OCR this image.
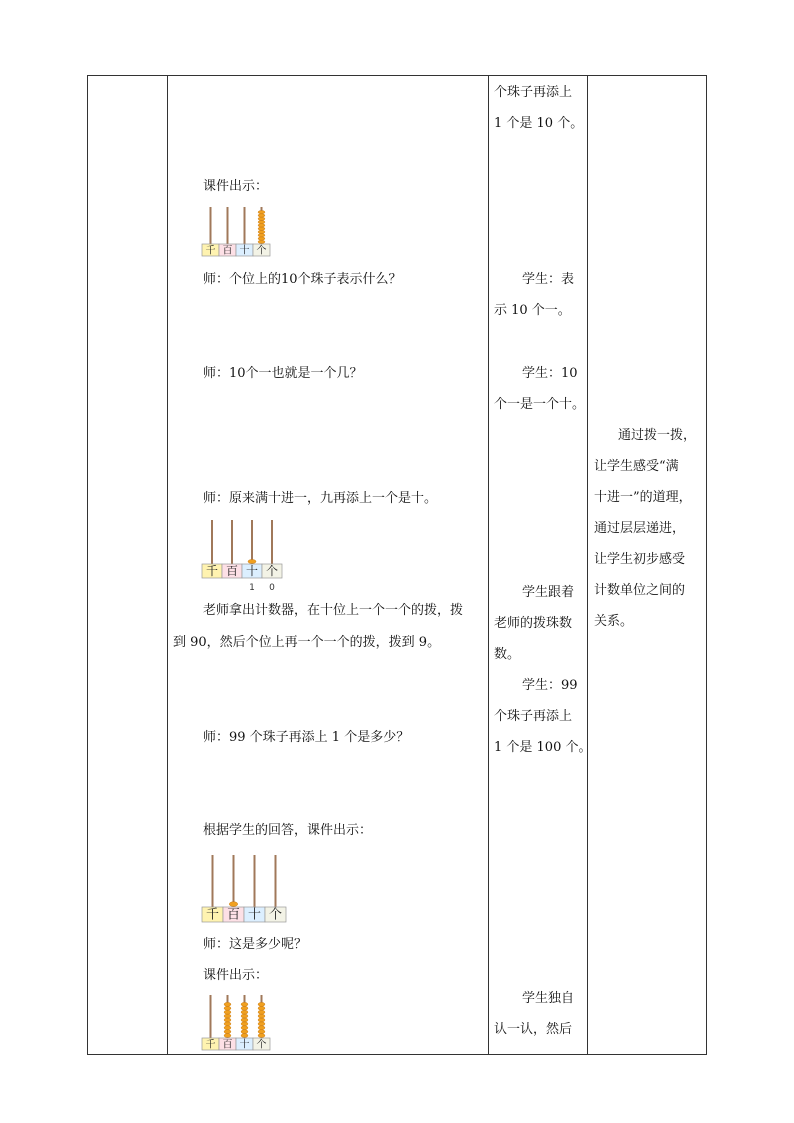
课件出示：
千 百 十 个
师：个位上的10个珠子表示什么？
师：10个一也就是一个几？
师：原来满十进一，九再添上一个是十。
千 百 十 个
1 0
老师拿出计数器，在十位上一个一个的拨，拨
到 90，然后个位上再一个一个的拨，拨到 9。
师：99 个珠子再添上 1 个是多少？
根据学生的回答，课件出示：
千 百 十 个
师：这是多少呢？
课件出示：
千 百 十 个
个珠子再添上
1 个是 10 个。
学生：表
示 10 个一。
学生：10
个一是一个十。
学生跟着
老师的拨珠数
数。
学生：99
个珠子再添上
1 个是 100 个。
学生独自
认一认，然后
通过拨一拨，
让学生感受“满
十进一”的道理，
通过层层递进，
让学生初步感受
计数单位之间的
关系。
